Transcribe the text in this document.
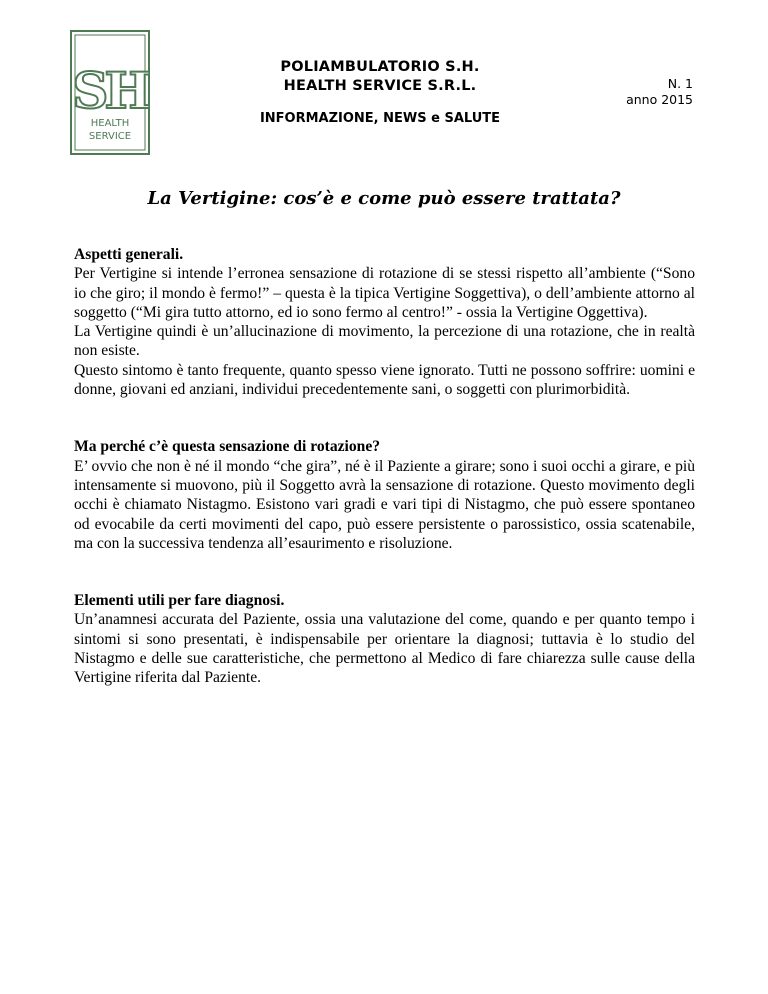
SH
HEALTH
SERVICE
POLIAMBULATORIO S.H.
HEALTH SERVICE S.R.L.	N. 1
anno 2015
INFORMAZIONE, NEWS e SALUTE
La Vertigine: cos’è e come può essere trattata?
Aspetti generali.

Per Vertigine si intende l’erronea sensazione di rotazione di se stessi rispetto all’ambiente (“Sono io che giro; il mondo è fermo!” – questa è la tipica Vertigine Soggettiva), o dell’ambiente attorno al soggetto (“Mi gira tutto attorno, ed io sono fermo al centro!” - ossia la Vertigine Oggettiva).

La Vertigine quindi è un’allucinazione di movimento, la percezione di una rotazione, che in realtà non esiste.

Questo sintomo è tanto frequente, quanto spesso viene ignorato. Tutti ne possono soffrire: uomini e donne, giovani ed anziani, individui precedentemente sani, o soggetti con plurimorbidità.

Ma perché c’è questa sensazione di rotazione?

E’ ovvio che non è né il mondo “che gira”, né è il Paziente a girare; sono i suoi occhi a girare, e più intensamente si muovono, più il Soggetto avrà la sensazione di rotazione. Questo movimento degli occhi è chiamato Nistagmo. Esistono vari gradi e vari tipi di Nistagmo, che può essere spontaneo od evocabile da certi movimenti del capo, può essere persistente o parossistico, ossia scatenabile, ma con la successiva tendenza all’esaurimento e risoluzione.

Elementi utili per fare diagnosi.

Un’anamnesi accurata del Paziente, ossia una valutazione del come, quando e per quanto tempo i sintomi si sono presentati, è indispensabile per orientare la diagnosi; tuttavia è lo studio del Nistagmo e delle sue caratteristiche, che permettono al Medico di fare chiarezza sulle cause della Vertigine riferita dal Paziente.
